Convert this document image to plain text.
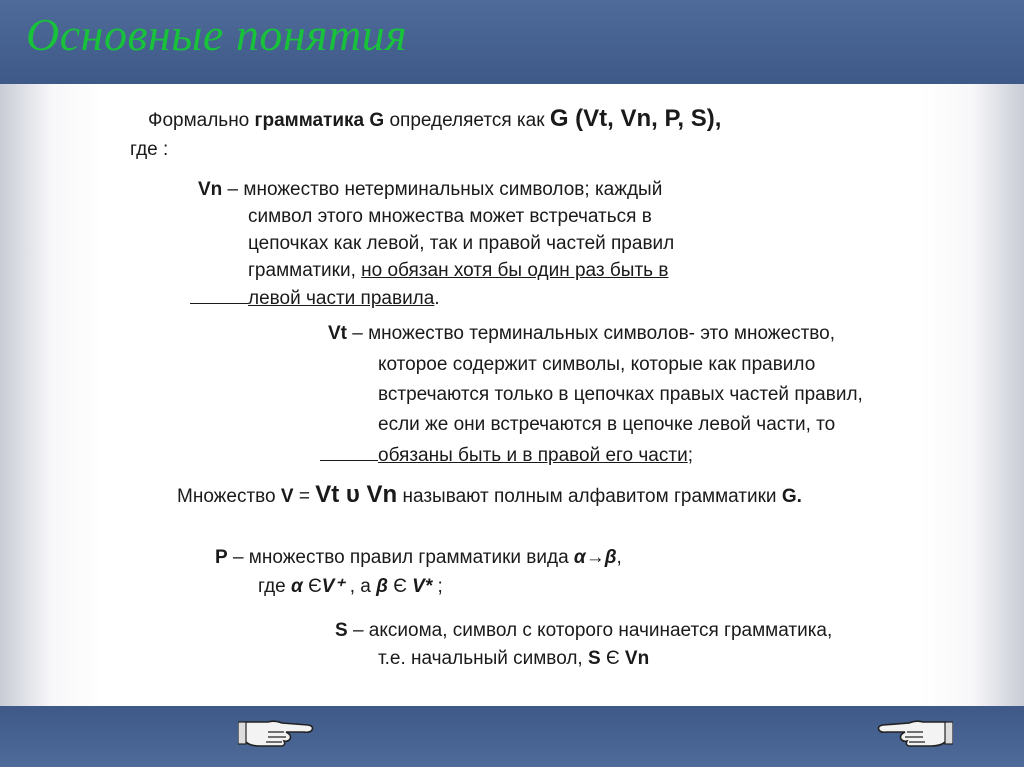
Основные понятия
Формально грамматика G определяется как G (Vt, Vn, P, S),
где :
Vn – множество нетерминальных символов; каждый
символ этого множества может встречаться в
цепочках как левой, так и правой частей правил
грамматики, но обязан хотя бы один раз быть в
левой части правила.
Vt – множество терминальных символов- это множество,
которое содержит символы, которые как правило
встречаются только в цепочках правых частей правил,
если же они встречаются в цепочке левой части, то
обязаны быть и в правой его части;
Множество V = Vt υ Vn называют полным алфавитом грамматики G.
P – множество правил грамматики вида α→β,
где α ЄV⁺ , а β Є V* ;
S – аксиома, символ с которого начинается грамматика,
т.е. начальный символ, S Є Vn
